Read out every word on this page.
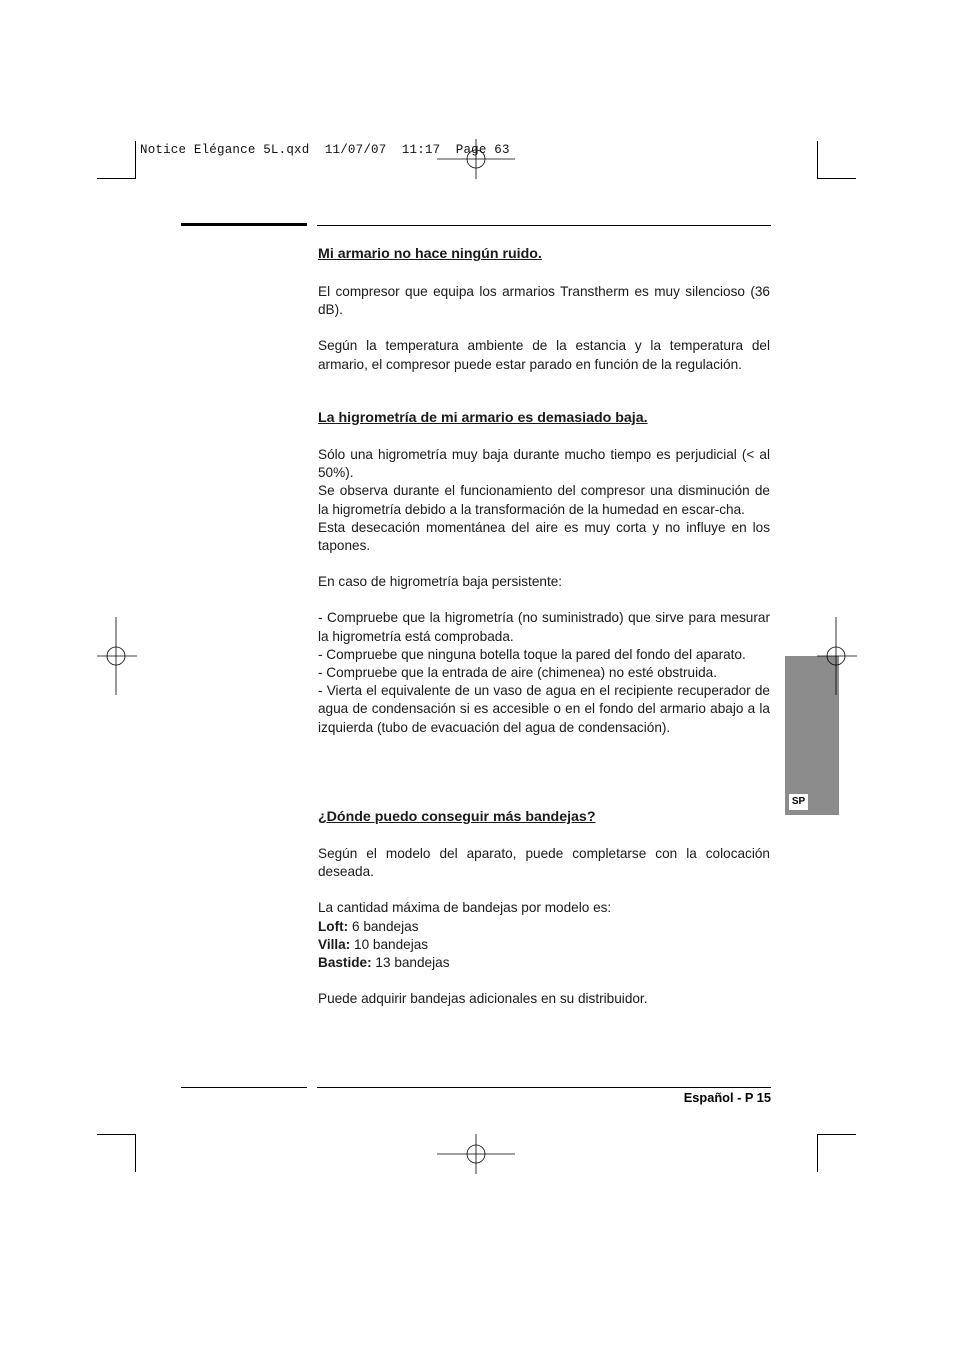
Notice Elégance 5L.qxd  11/07/07  11:17  Page 63
SP

Mi armario no hace ningún ruido.

El compresor que equipa los armarios Transtherm es muy silencioso (36 dB).

Según la temperatura ambiente de la estancia y la temperatura del armario, el compresor puede estar parado en función de la regulación.

La higrometría de mi armario es demasiado baja.

Sólo una higrometría muy baja durante mucho tiempo es perjudicial (< al 50%).

Se observa durante el funcionamiento del compresor una disminución de la higrometría debido a la transformación de la humedad en escar-cha.

Esta desecación momentánea del aire es muy corta y no influye en los tapones.

En caso de higrometría baja persistente:

- Compruebe que la higrometría (no suministrado) que sirve para mesurar la higrometría está comprobada.

- Compruebe que ninguna botella toque la pared del fondo del aparato.

- Compruebe que la entrada de aire (chimenea) no esté obstruida.

- Vierta el equivalente de un vaso de agua en el recipiente recuperador de agua de condensación si es accesible o en el fondo del armario abajo a la izquierda (tubo de evacuación del agua de condensación).

¿Dónde puedo conseguir más bandejas?

Según el modelo del aparato, puede completarse con la colocación deseada.

La cantidad máxima de bandejas por modelo es:

Loft: 6 bandejas

Villa: 10 bandejas

Bastide: 13 bandejas

Puede adquirir bandejas adicionales en su distribuidor.

Español - P 15
